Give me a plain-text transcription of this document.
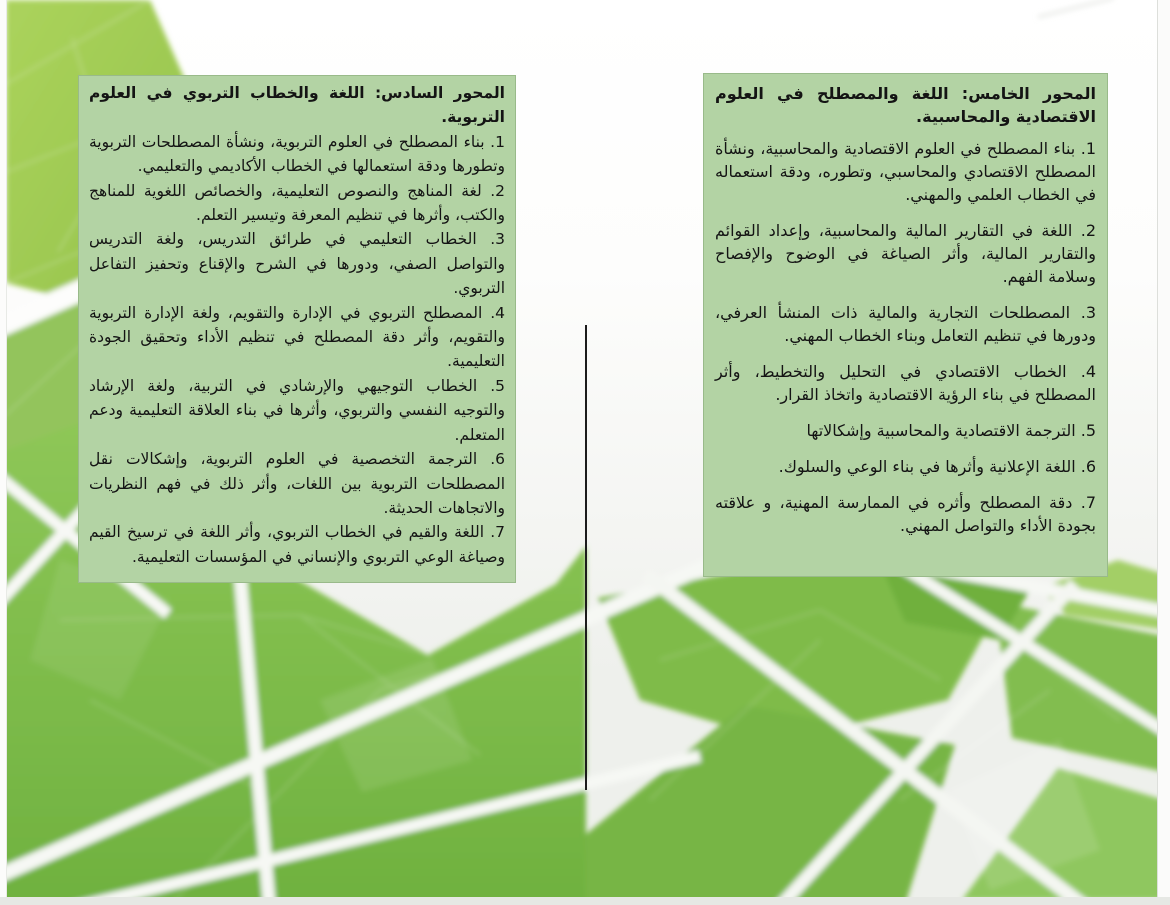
المحور الخامس: اللغة والمصطلح في العلوم الاقتصادية والمحاسبية.

1. بناء المصطلح في العلوم الاقتصادية والمحاسبية، ونشأة المصطلح الاقتصادي والمحاسبي، وتطوره، ودقة استعماله في الخطاب العلمي والمهني.

2. اللغة في التقارير المالية والمحاسبية، وإعداد القوائم والتقارير المالية، وأثر الصياغة في الوضوح والإفصاح وسلامة الفهم.

3. المصطلحات التجارية والمالية ذات المنشأ العرفي، ودورها في تنظيم التعامل وبناء الخطاب المهني.

4. الخطاب الاقتصادي في التحليل والتخطيط، وأثر المصطلح في بناء الرؤية الاقتصادية واتخاذ القرار.

5. الترجمة الاقتصادية والمحاسبية وإشكالاتها

6. اللغة الإعلانية وأثرها في بناء الوعي والسلوك.

7. دقة المصطلح وأثره في الممارسة المهنية، و علاقته بجودة الأداء والتواصل المهني.

المحور السادس: اللغة والخطاب التربوي في العلوم التربوية.

1. بناء المصطلح في العلوم التربوية، ونشأة المصطلحات التربوية وتطورها ودقة استعمالها في الخطاب الأكاديمي والتعليمي.

2. لغة المناهج والنصوص التعليمية، والخصائص اللغوية للمناهج والكتب، وأثرها في تنظيم المعرفة وتيسير التعلم.

3. الخطاب التعليمي في طرائق التدريس، ولغة التدريس والتواصل الصفي، ودورها في الشرح والإقناع وتحفيز التفاعل التربوي.

4. المصطلح التربوي في الإدارة والتقويم، ولغة الإدارة التربوية والتقويم، وأثر دقة المصطلح في تنظيم الأداء وتحقيق الجودة التعليمية.

5. الخطاب التوجيهي والإرشادي في التربية، ولغة الإرشاد والتوجيه النفسي والتربوي، وأثرها في بناء العلاقة التعليمية ودعم المتعلم.

6. الترجمة التخصصية في العلوم التربوية، وإشكالات نقل المصطلحات التربوية بين اللغات، وأثر ذلك في فهم النظريات والاتجاهات الحديثة.

7. اللغة والقيم في الخطاب التربوي، وأثر اللغة في ترسيخ القيم وصياغة الوعي التربوي والإنساني في المؤسسات التعليمية.
